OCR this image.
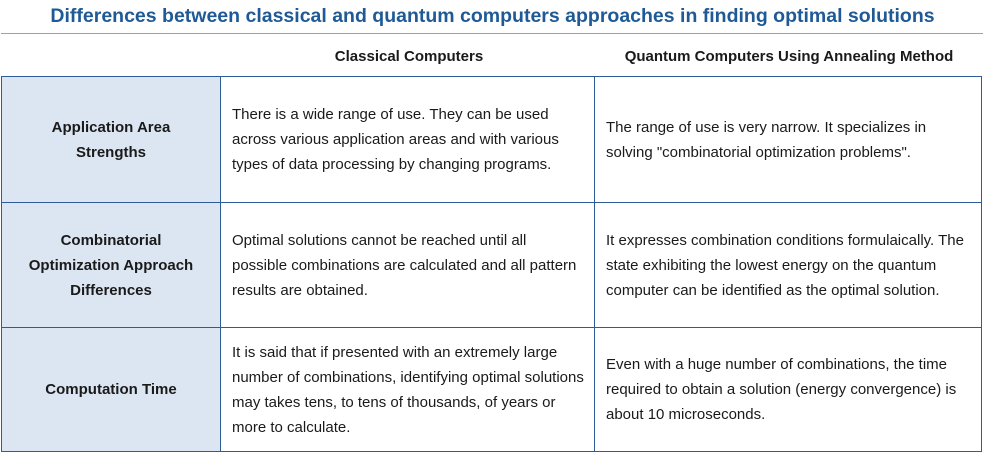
Differences between classical and quantum computers approaches in finding optimal solutions
Classical Computers	Quantum Computers Using Annealing Method
Application Area Strengths
There is a wide range of use. They can be used across various application areas and with various types of data processing by changing programs.
The range of use is very narrow. It specializes in solving "combinatorial optimization problems".
Combinatorial Optimization Approach Differences
Optimal solutions cannot be reached until all possible combinations are calculated and all pattern results are obtained.
It expresses combination conditions formulaically. The state exhibiting the lowest energy on the quantum computer can be identified as the optimal solution.
Computation Time
It is said that if presented with an extremely large number of combinations, identifying optimal solutions may takes tens, to tens of thousands, of years or more to calculate.
Even with a huge number of combinations, the time required to obtain a solution (energy convergence) is about 10 microseconds.
